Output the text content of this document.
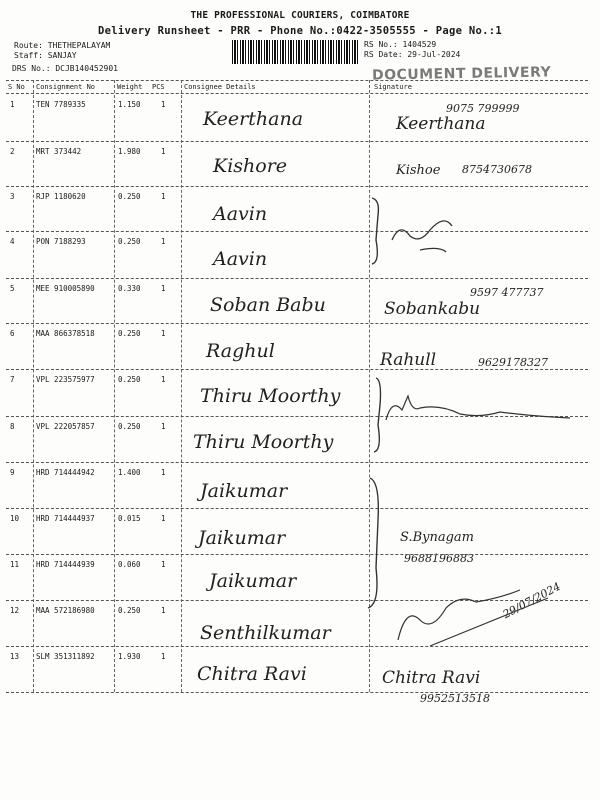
THE PROFESSIONAL COURIERS, COIMBATORE
Delivery Runsheet - PRR - Phone No.:0422-3505555 - Page No.:1
Route: THETHEPALAYAM
Staff: SANJAY
DRS No.: DCJB140452901
RS No.: 1404529
RS Date: 29-Jul-2024
DOCUMENT DELIVERY
S No Consignment No	Weight PCS	Consignee Details	Signature
1	TEN 7789335	1.150	1
Keerthana	Keerthana
9075 799999
2	MRT 373442	1.980	1
Kishore	Kishoe 8754730678
3	RJP 1180620	0.250	1
Aavin
4	PON 7188293	0.250	1
Aavin
5	MEE 910005890	0.330	1
Soban Babu	Sobankabu
9597 477737
6	MAA 866378518	0.250	1
Raghul	Rahull	9629178327
7	VPL 223575977	0.250	1
Thiru Moorthy
8	VPL 222057857	0.250	1
Thiru Moorthy
9	HRD 714444942	1.400	1
Jaikumar
10 HRD 714444937	0.015	1
Jaikumar	S.Bynagam
9688196883
11 HRD 714444939	0.060	1
Jaikumar
12 MAA 572186980	0.250	1
Senthilkumar
29/07/2024
13 SLM 351311892	1.930	1
Chitra Ravi	Chitra Ravi
9952513518
